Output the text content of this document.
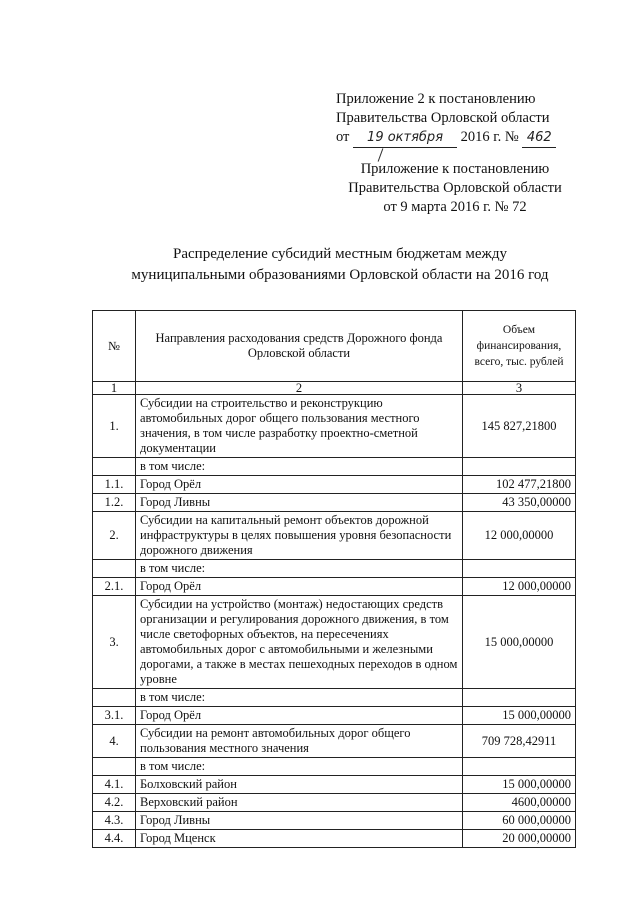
Приложение 2 к постановлению
Правительства Орловской области
от 19 октября 2016 г. № 462
Приложение к постановлению
Правительства Орловской области
от 9 марта 2016 г. № 72
Распределение субсидий местным бюджетам между
муниципальными образованиями Орловской области на 2016 год
№	Направления расходования средств Дорожного фонда Орловской области	Объем финансирования, всего, тыс. рублей
1	2	3
1.	Субсидии на строительство и реконструкцию автомобильных дорог общего пользования местного значения, в том числе разработку проектно-сметной документации	145 827,21800
	в том числе:	
1.1.	Город Орёл	102 477,21800
1.2.	Город Ливны	43 350,00000
2.	Субсидии на капитальный ремонт объектов дорожной инфраструктуры в целях повышения уровня безопасности дорожного движения	12 000,00000
	в том числе:	
2.1.	Город Орёл	12 000,00000
3.	Субсидии на устройство (монтаж) недостающих средств организации и регулирования дорожного движения, в том числе светофорных объектов, на пересечениях автомобильных дорог с автомобильными и железными дорогами, а также в местах пешеходных переходов в одном уровне	15 000,00000
	в том числе:	
3.1.	Город Орёл	15 000,00000
4.	Субсидии на ремонт автомобильных дорог общего пользования местного значения	709 728,42911
	в том числе:	
4.1.	Болховский район	15 000,00000
4.2.	Верховский район	4600,00000
4.3.	Город Ливны	60 000,00000
4.4.	Город Мценск	20 000,00000
